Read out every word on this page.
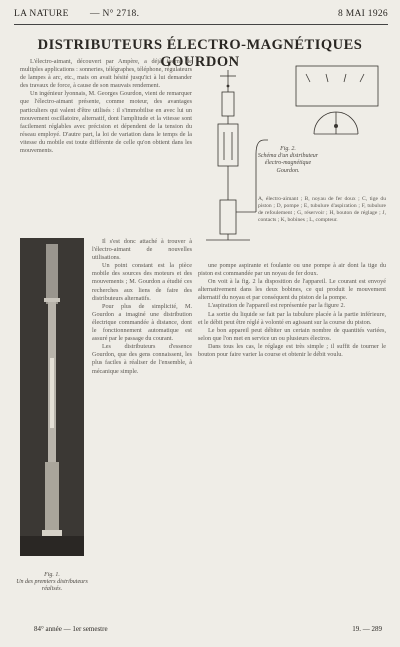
LA NATURE — N° 2718.	8 MAI 1926
DISTRIBUTEURS ÉLECTRO-MAGNÉTIQUES GOURDON

L'électro-aimant, découvert par Ampère, a déjà fourni de multiples applications : sonneries, télégraphes, téléphone, régulateurs de lampes à arc, etc., mais on avait hésité jusqu'ici à lui demander des travaux de force, à cause de son mauvais rendement.

Un ingénieur lyonnais, M. Georges Gourdon, vient de remarquer que l'électro-aimant présente, comme moteur, des avantages particuliers qui valent d'être utilisés : il s'immobilise en avec lui un mouvement oscillatoire, alternatif, dont l'amplitude et la vitesse sont facilement réglables avec précision et dépendent de la tension du réseau employé. D'autre part, la loi de variation dans le temps de la vitesse du mobile est toute différente de celle qu'on obtient dans les mouvements.

Fig. 1.
Un des premiers distributeurs réalisés.

Il s'est donc attaché à trouver à l'électro-aimant de nouvelles utilisations.

Un point constant est la pièce mobile des sources des moteurs et des mouvements ; M. Gourdon a étudié ces recherches aux liens de faire des distributeurs alternatifs.

Pour plus de simplicité, M. Gourdon a imaginé une distribution électrique commandée à distance, dont le fonctionnement automatique est assuré par le passage du courant.

Les distributeurs d'essence Gourdon, que des gens connaissent, les plus faciles à réaliser de l'ensemble, à mécanique simple.

Fig. 2.
Schéma d'un distributeur électro-magnétique Gourdon.
A, électro-aimant ; B, noyau de fer doux ; C, tige du piston ; D, pompe ; E, tubulure d'aspiration ; F, tubulure de refoulement ; G, réservoir ; H, bouton de réglage ; J, contacts ; K, bobines ; L, compteur.

une pompe aspirante et foulante ou une pompe à air dont la tige du piston est commandée par un noyau de fer doux.

On voit à la fig. 2 la disposition de l'appareil. Le courant est envoyé alternativement dans les deux bobines, ce qui produit le mouvement alternatif du noyau et par conséquent du piston de la pompe.

L'aspiration de l'appareil est représentée par la figure 2.

La sortie du liquide se fait par la tubulure placée à la partie inférieure, et le débit peut être réglé à volonté en agissant sur la course du piston.

Le bon appareil peut débiter un certain nombre de quantités variées, selon que l'on met en service un ou plusieurs électros.

Dans tous les cas, le réglage est très simple ; il suffit de tourner le bouton pour faire varier la course et obtenir le débit voulu.

84° année — 1er semestre	19. — 289
